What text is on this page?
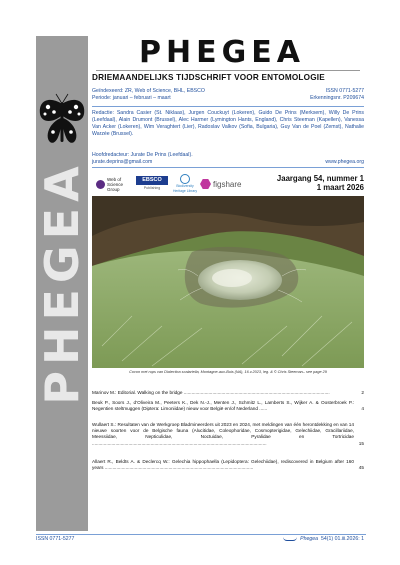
PHEGEA
PHEGEA
DRIEMAANDELIJKS TIJDSCHRIFT VOOR ENTOMOLOGIE
Geïndexeerd: ZR, Web of Science, BHL, EBSCO	ISSN 0771-5277
Periode: januari – februari – maart	Erkenningsnr. P209674
Redactie: Sandra Casier (St. Niklaas), Jurgen Couckuyt (Lokeren), Guido De Prins (Merksem), Willy De Prins (Leefdaal), Alain Drumont (Brussel), Alec Harmer (Lymington Hants, England), Chris Steeman (Kapellen), Vanessa Van Acker (Lokeren), Wim Veraghtert (Lier), Radoslav Valkov (Sofia, Bulgaria), Guy Van de Poel (Zemst), Nathalie Warzée (Brussel).
Hoofdredacteur: Jurate De Prins (Leefdaal).
jurate.deprins@gmail.com	www.phegea.org
Web of Science Group
EBSCO
Publishing	Biodiversity Heritage Library
figshare
Jaargang 54, nummer 1
1 maart 2026
Cocon met rups van Dialectica scalariella, Montagne-aux-Buis (NA), 16.v.2023, leg. & © Chris Steeman– see page 29
Marinov M.: Editorial. Walking on the bridge ................................................................................................................	2
Beuk P., Soors J., d’Oliveira M., Peeters K., Dek N.-J., Menten J., Schmitz L., Lamberts S., Wijker A. & Oosterbroek P.: Negentien steltmuggen (Diptera: Limoniidae) nieuw voor België en/of Nederland ......	4
Wullaert S.: Resultaten van de Werkgroep Bladmineerders uit 2023 en 2024, met meldingen van één herontdekking en van 14 nieuwe soorten voor de Belgische fauna (Alucitidae, Coleophoridae, Cosmopterigidae, Gelechiidae, Gracillariidae, Meessiidae, Nepticulidae, Noctuidae, Pyralidae en Tortricidae ......................................................................................................................................	15
Allaert R., Beldts A. & Declercq W.: Gelechia hippophaella (Lepidoptera: Gelechiidae), rediscovered in Belgium after 160 years ..................................................................................................................	45
ISSN 0771-5277	Phegea 54(1) 01.iii.2026: 1
